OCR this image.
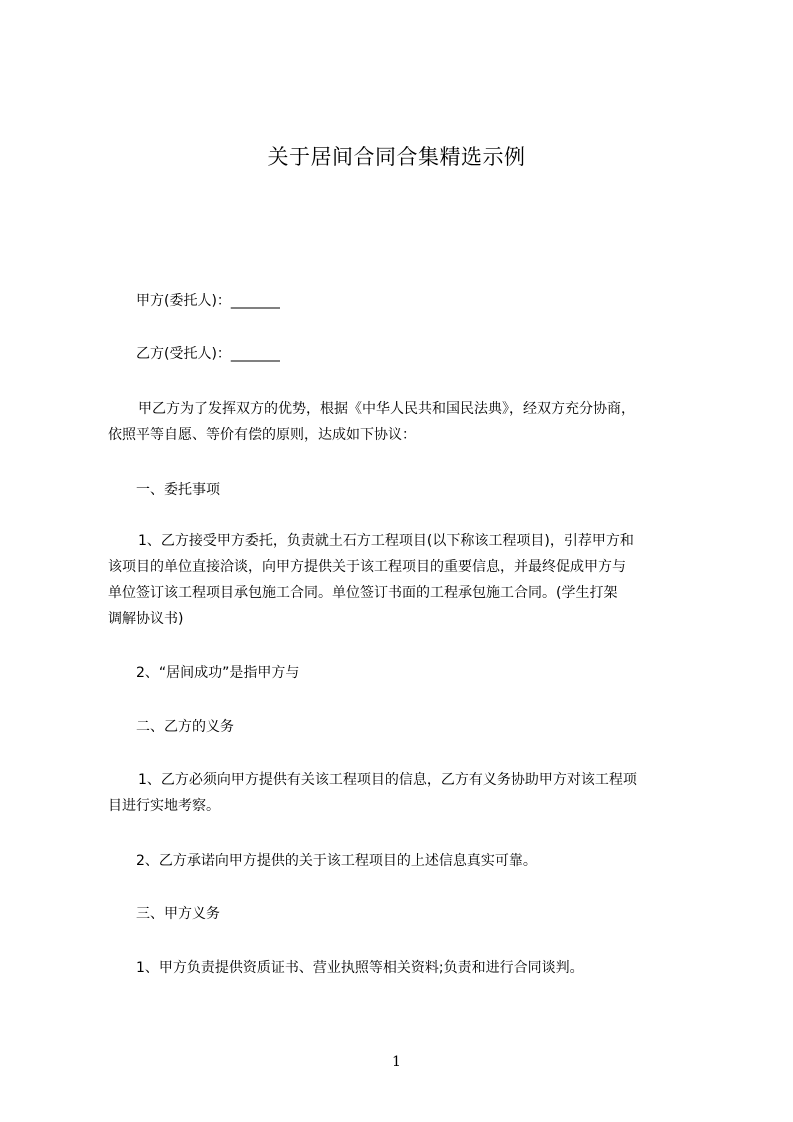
关于居间合同合集精选示例
甲方(委托人)：_______
乙方(受托人)：_______
甲乙方为了发挥双方的优势，根据《中华人民共和国民法典》，经双方充分协商，
依照平等自愿、等价有偿的原则，达成如下协议：
一、委托事项
1、乙方接受甲方委托，负责就土石方工程项目(以下称该工程项目)，引荐甲方和
该项目的单位直接洽谈，向甲方提供关于该工程项目的重要信息，并最终促成甲方与
单位签订该工程项目承包施工合同。单位签订书面的工程承包施工合同。(学生打架
调解协议书)
2、“居间成功”是指甲方与
二、乙方的义务
1、乙方必须向甲方提供有关该工程项目的信息，乙方有义务协助甲方对该工程项
目进行实地考察。
2、乙方承诺向甲方提供的关于该工程项目的上述信息真实可靠。
三、甲方义务
1、甲方负责提供资质证书、营业执照等相关资料;负责和进行合同谈判。
1
